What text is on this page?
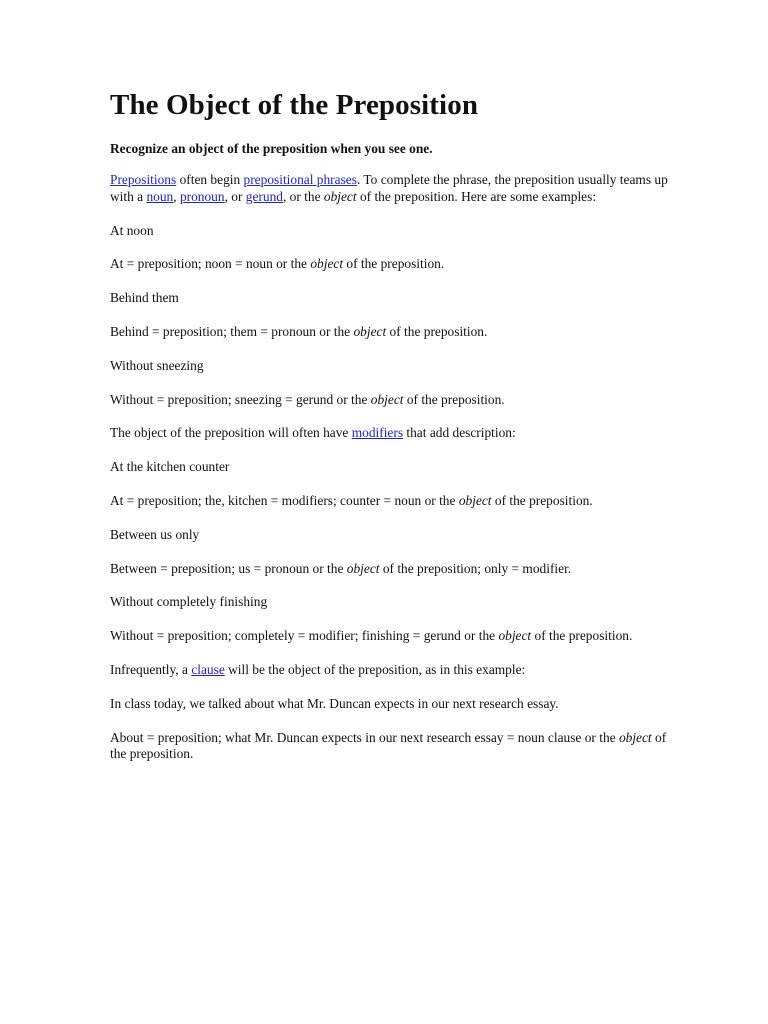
The Object of the Preposition
Recognize an object of the preposition when you see one.

Prepositions often begin prepositional phrases. To complete the phrase, the preposition usually teams up with a noun, pronoun, or gerund, or the object of the preposition. Here are some examples:

At noon

At = preposition; noon = noun or the object of the preposition.

Behind them

Behind = preposition; them = pronoun or the object of the preposition.

Without sneezing

Without = preposition; sneezing = gerund or the object of the preposition.

The object of the preposition will often have modifiers that add description:

At the kitchen counter

At = preposition; the, kitchen = modifiers; counter = noun or the object of the preposition.

Between us only

Between = preposition; us = pronoun or the object of the preposition; only = modifier.

Without completely finishing

Without = preposition; completely = modifier; finishing = gerund or the object of the preposition.

Infrequently, a clause will be the object of the preposition, as in this example:

In class today, we talked about what Mr. Duncan expects in our next research essay.

About = preposition; what Mr. Duncan expects in our next research essay = noun clause or the object of the preposition.
